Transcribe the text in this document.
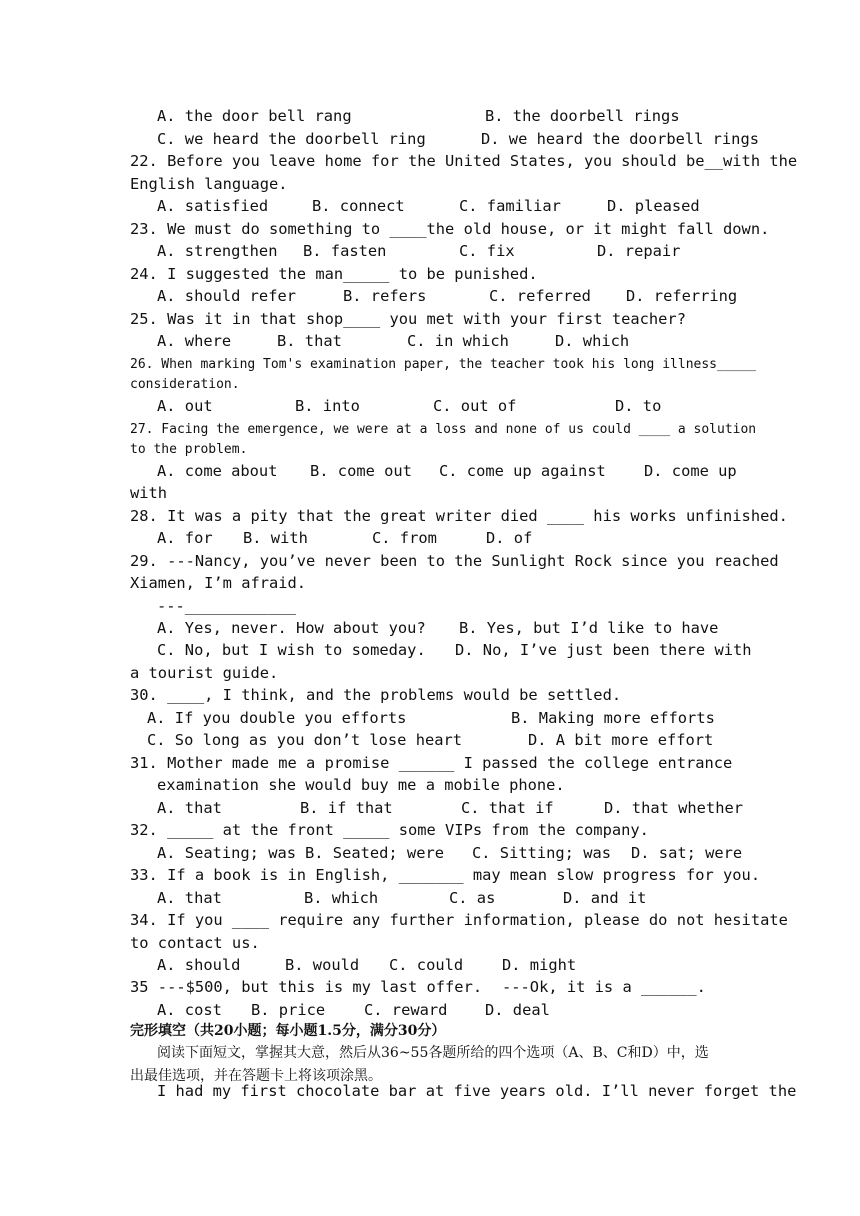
A. the door bell rang	B. the doorbell rings
C. we heard the doorbell ring	D. we heard the doorbell rings
22. Before you leave home for the United States, you should be__with the
English language.
A. satisfied	B. connect	C. familiar	D. pleased
23. We must do something to ____the old house, or it might fall down.
A. strengthen B. fasten	C. fix	D. repair
24. I suggested the man_____ to be punished.
A. should refer	B. refers	C. referred D. referring
25. Was it in that shop____ you met with your first teacher?
A. where	B. that	C. in which	D. which
26. When marking Tom's examination paper, the teacher took his long illness_____
consideration.
A. out	B. into	C. out of	D. to
27. Facing the emergence, we were at a loss and none of us could ____ a solution
to the problem.
A. come about B. come out C. come up against D. come up
with
28. It was a pity that the great writer died ____ his works unfinished.
A. for B. with	C. from	D. of
29. ---Nancy, you’ve never been to the Sunlight Rock since you reached
Xiamen, I’m afraid.
---____________
A. Yes, never. How about you? B. Yes, but I’d like to have
C. No, but I wish to someday. D. No, I’ve just been there with
a tourist guide.
30. ____, I think, and the problems would be settled.
A. If you double you efforts	B. Making more efforts
C. So long as you don’t lose heart	D. A bit more effort
31. Mother made me a promise ______ I passed the college entrance
examination she would buy me a mobile phone.
A. that	B. if that	C. that if	D. that whether
32. _____ at the front _____ some VIPs from the company.
A. Seating; was B. Seated; were C. Sitting; was D. sat; were
33. If a book is in English, _______ may mean slow progress for you.
A. that	B. which	C. as	D. and it
34. If you ____ require any further information, please do not hesitate
to contact us.
A. should	B. would C. could	D. might
35 ---$500, but this is my last offer. ---Ok, it is a ______.
A. cost B. price	C. reward D. deal
完形填空（共20小题；每小题1.5分，满分30分）
阅读下面短文，掌握其大意，然后从36~55各题所给的四个选项（A、B、C和D）中，选
出最佳选项，并在答题卡上将该项涂黑。
I had my first chocolate bar at five years old. I’ll never forget the
